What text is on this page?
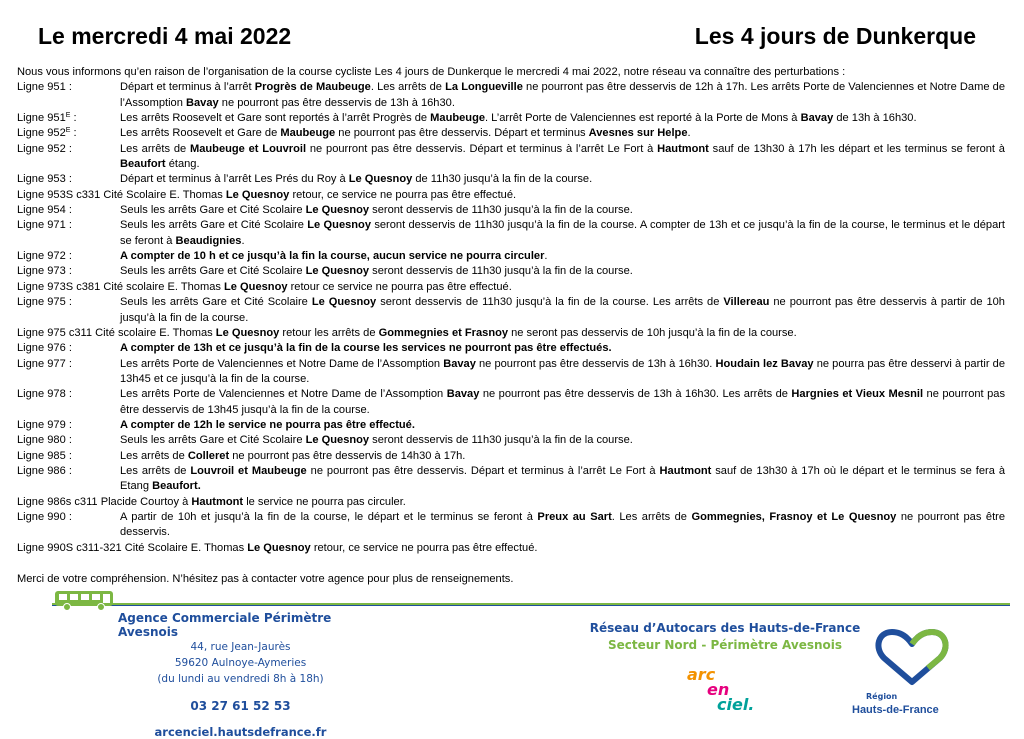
Le mercredi 4 mai 2022	Les 4 jours de Dunkerque

Nous vous informons qu’en raison de l’organisation de la course cycliste Les 4 jours de Dunkerque le mercredi 4 mai 2022, notre réseau va connaître des perturbations :

Ligne 951 :	Départ et terminus à l’arrêt Progrès de Maubeuge. Les arrêts de La Longueville ne pourront pas être desservis de 12h à 17h. Les arrêts Porte de Valenciennes et Notre Dame de l’Assomption Bavay ne pourront pas être desservis de 13h à 16h30.
Ligne $951^E$ :	Les arrêts Roosevelt et Gare sont reportés à l’arrêt Progrès de Maubeuge. L’arrêt Porte de Valenciennes est reporté à la Porte de Mons à Bavay de 13h à 16h30.
Ligne $952^E$ :	Les arrêts Roosevelt et Gare de Maubeuge ne pourront pas être desservis. Départ et terminus Avesnes sur Helpe.
Ligne 952 :	Les arrêts de Maubeuge et Louvroil ne pourront pas être desservis. Départ et terminus à l’arrêt Le Fort à Hautmont sauf de 13h30 à 17h les départ et les terminus se feront à Beaufort étang.
Ligne 953 :	Départ et terminus à l’arrêt Les Prés du Roy à Le Quesnoy de 11h30 jusqu’à la fin de la course.
Ligne 953S c331 Cité Scolaire E. Thomas Le Quesnoy retour, ce service ne pourra pas être effectué.
Ligne 954 :	Seuls les arrêts Gare et Cité Scolaire Le Quesnoy seront desservis de 11h30 jusqu’à la fin de la course.
Ligne 971 :	Seuls les arrêts Gare et Cité Scolaire Le Quesnoy seront desservis de 11h30 jusqu’à la fin de la course. A compter de 13h et ce jusqu’à la fin de la course, le terminus et le départ se feront à Beaudignies.
Ligne 972 :	A compter de 10 h et ce jusqu’à la fin la course, aucun service ne pourra circuler.
Ligne 973 :	Seuls les arrêts Gare et Cité Scolaire Le Quesnoy seront desservis de 11h30 jusqu’à la fin de la course.
Ligne 973S c381 Cité scolaire E. Thomas Le Quesnoy retour ce service ne pourra pas être effectué.
Ligne 975 :	Seuls les arrêts Gare et Cité Scolaire Le Quesnoy seront desservis de 11h30 jusqu’à la fin de la course. Les arrêts de Villereau ne pourront pas être desservis à partir de 10h jusqu’à la fin de la course.
Ligne 975 c311 Cité scolaire E. Thomas Le Quesnoy retour les arrêts de Gommegnies et Frasnoy ne seront pas desservis de 10h jusqu’à la fin de la course.
Ligne 976 :	A compter de 13h et ce jusqu’à la fin de la course les services ne pourront pas être effectués.
Ligne 977 :	Les arrêts Porte de Valenciennes et Notre Dame de l’Assomption Bavay ne pourront pas être desservis de 13h à 16h30. Houdain lez Bavay ne pourra pas être desservi à partir de 13h45 et ce jusqu’à la fin de la course.
Ligne 978 :	Les arrêts Porte de Valenciennes et Notre Dame de l’Assomption Bavay ne pourront pas être desservis de 13h à 16h30. Les arrêts de Hargnies et Vieux Mesnil ne pourront pas être desservis de 13h45 jusqu’à la fin de la course.
Ligne 979 :	A compter de 12h le service ne pourra pas être effectué.
Ligne 980 :	Seuls les arrêts Gare et Cité Scolaire Le Quesnoy seront desservis de 11h30 jusqu’à la fin de la course.
Ligne 985 :	Les arrêts de Colleret ne pourront pas être desservis de 14h30 à 17h.
Ligne 986 :	Les arrêts de Louvroil et Maubeuge ne pourront pas être desservis. Départ et terminus à l’arrêt Le Fort à Hautmont sauf de 13h30 à 17h où le départ et le terminus se fera à Etang Beaufort.
Ligne 986s c311 Placide Courtoy à Hautmont le service ne pourra pas circuler.
Ligne 990 :	A partir de 10h et jusqu’à la fin de la course, le départ et le terminus se feront à Preux au Sart. Les arrêts de Gommegnies, Frasnoy et Le Quesnoy ne pourront pas être desservis.
Ligne 990S c311-321 Cité Scolaire E. Thomas Le Quesnoy retour, ce service ne pourra pas être effectué.

Merci de votre compréhension. N’hésitez pas à contacter votre agence pour plus de renseignements.

Agence Commerciale Périmètre Avesnois
44, rue Jean-Jaurès
59620 Aulnoye-Aymeries
(du lundi au vendredi 8h à 18h)
03 27 61 52 53
arcenciel.hautsdefrance.fr
Réseau d’Autocars des Hauts-de-France
Secteur Nord - Périmètre Avesnois
arc
en
ciel.	Région
Hauts-de-France
